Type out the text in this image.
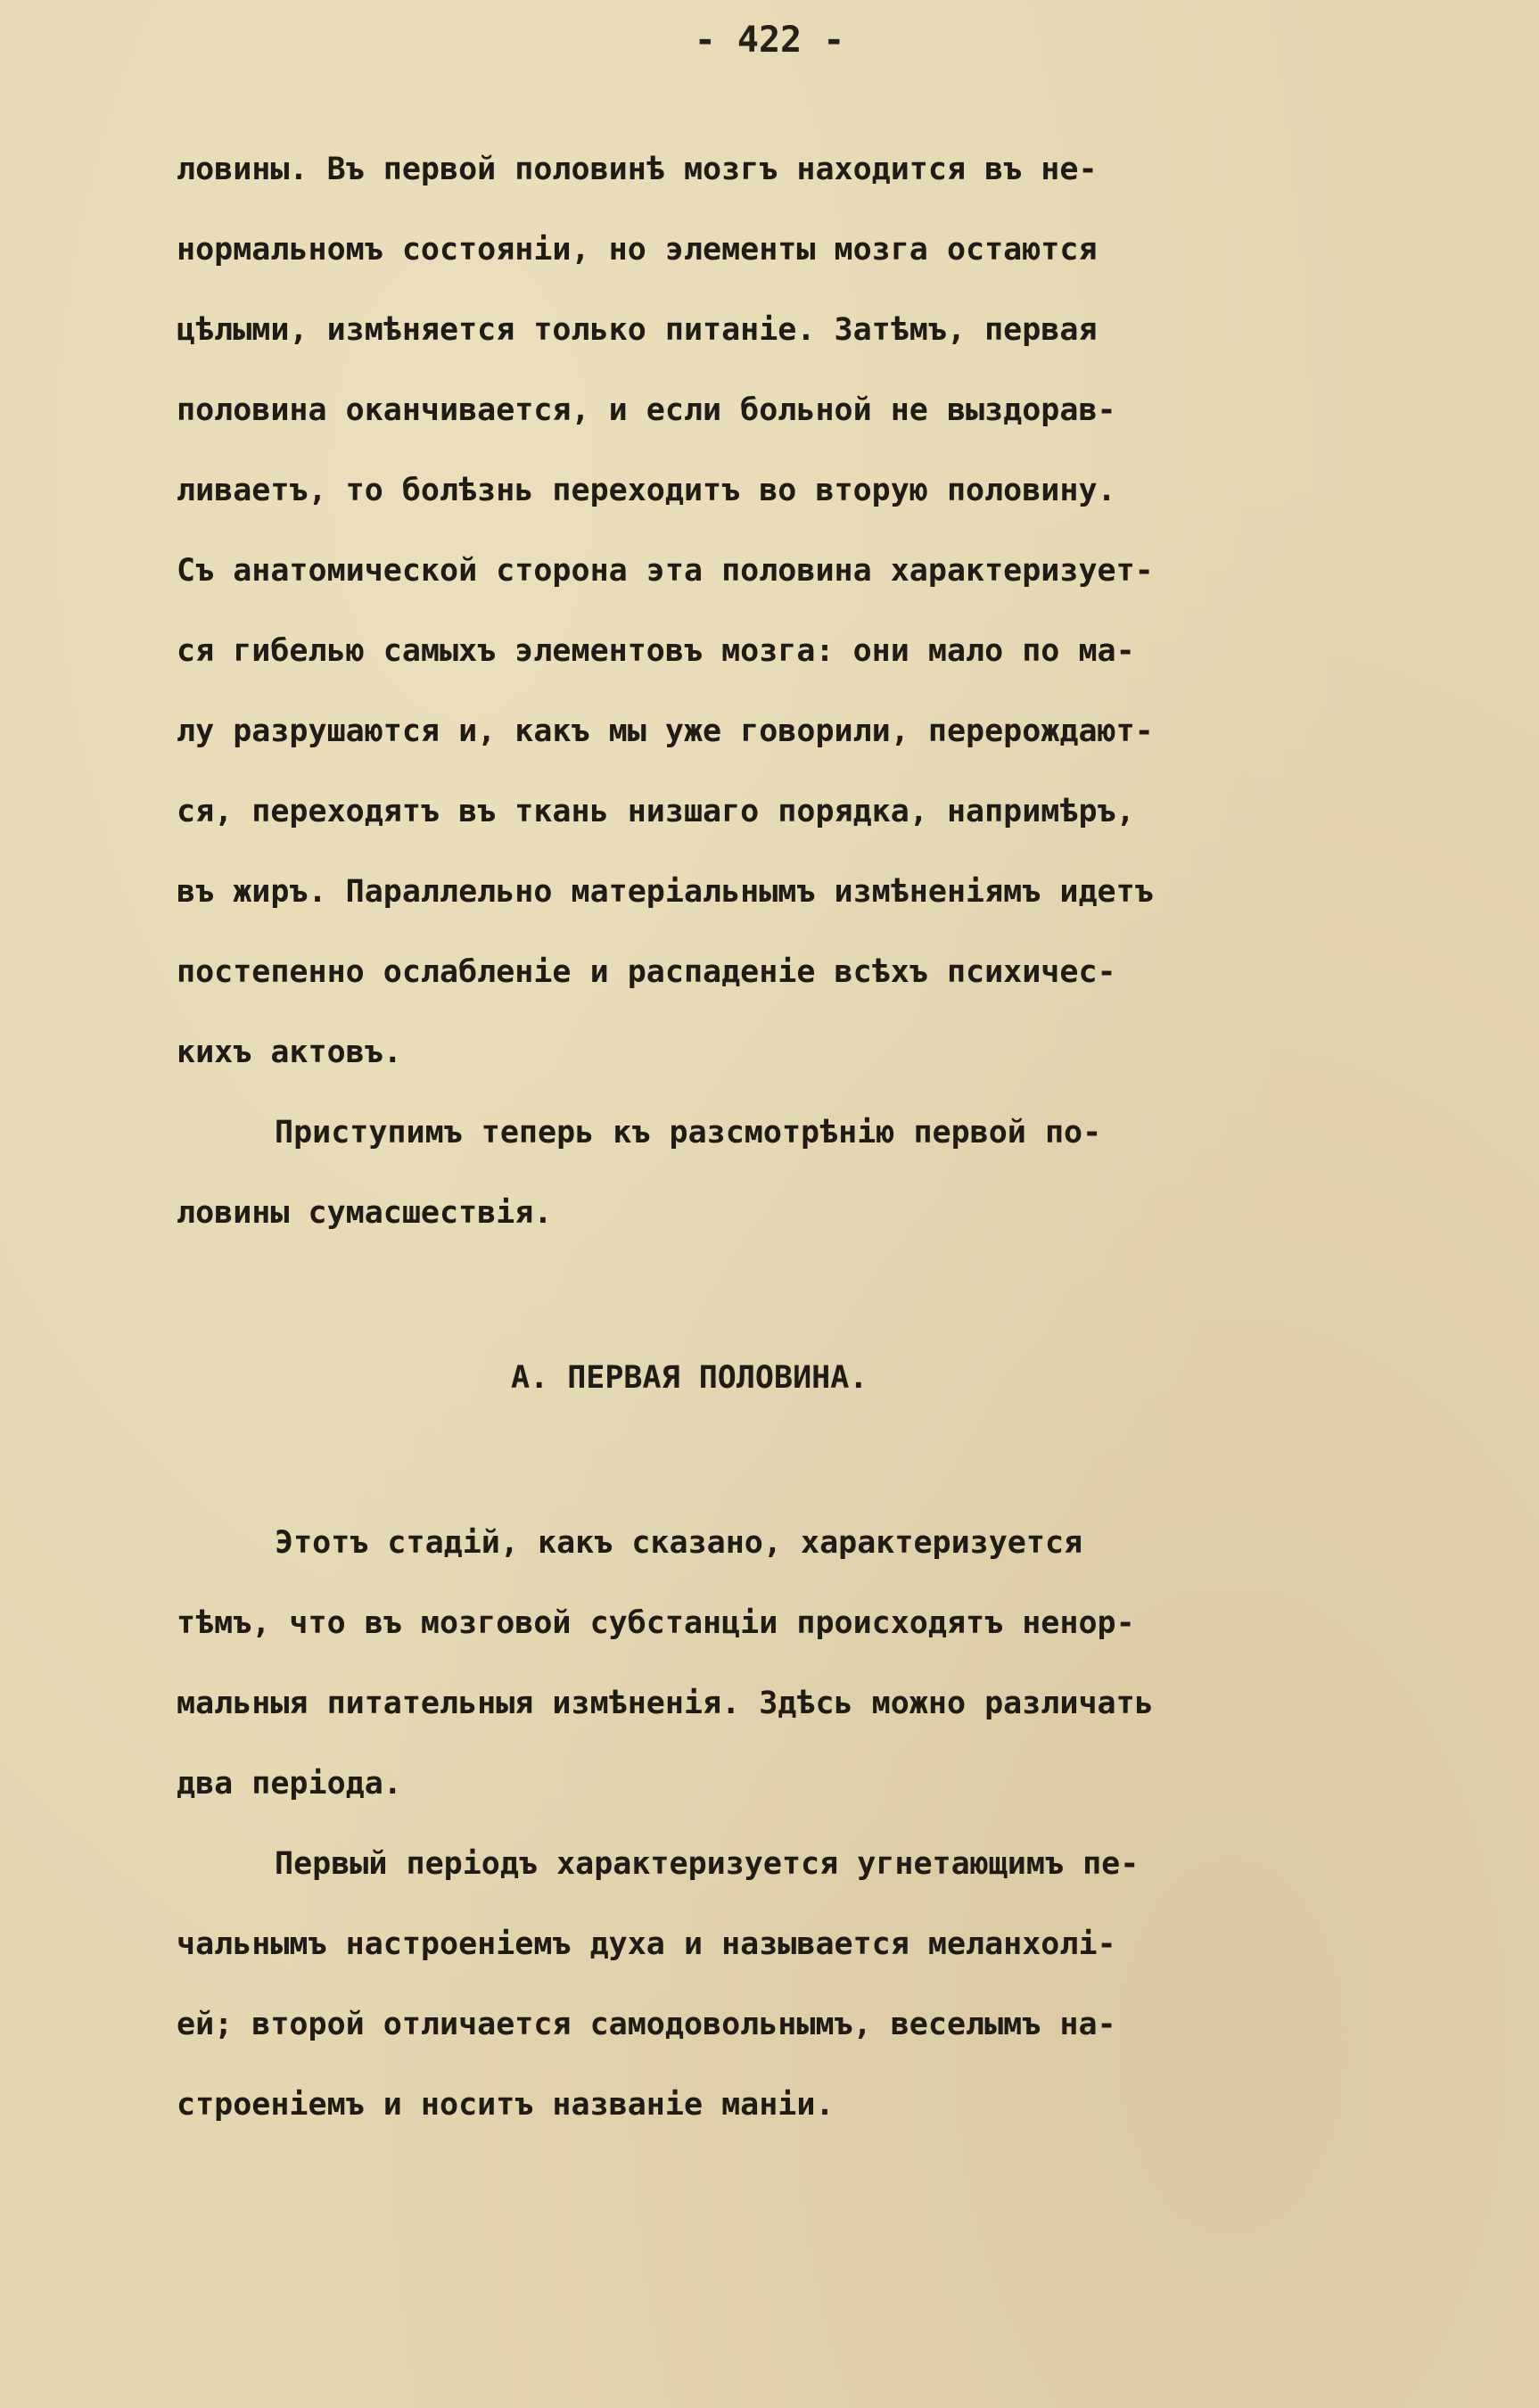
- 422 -
ловины. Въ первой половинѣ мозгъ находится въ не-
нормальномъ состоянiи, но элементы мозга остаются
цѣлыми, измѣняется только питанiе. Затѣмъ, первая
половина оканчивается, и если больной не выздорав-
ливаетъ, то болѣзнь переходитъ во вторую половину.
Съ анатомической сторона эта половина характеризует-
ся гибелью самыхъ элементовъ мозга: они мало по ма-
лу разрушаются и, какъ мы уже говорили, перерождают-
ся, переходятъ въ ткань низшаго порядка, напримѣръ,
въ жиръ. Параллельно матерiальнымъ измѣненiямъ идетъ
постепенно ослабленiе и распаденiе всѣхъ психичес-
кихъ актовъ.
Приступимъ теперь къ разсмотрѣнiю первой по-
ловины сумасшествiя.
А. ПЕРВАЯ ПОЛОВИНА.
Этотъ стадiй, какъ сказано, характеризуется
тѣмъ, что въ мозговой субстанцiи происходятъ ненор-
мальныя питательныя измѣненiя. Здѣсь можно различать
два перiода.
Первый перiодъ характеризуется угнетающимъ пе-
чальнымъ настроенiемъ духа и называется меланхолi-
ей; второй отличается самодовольнымъ, веселымъ на-
строенiемъ и носитъ названiе манiи.
